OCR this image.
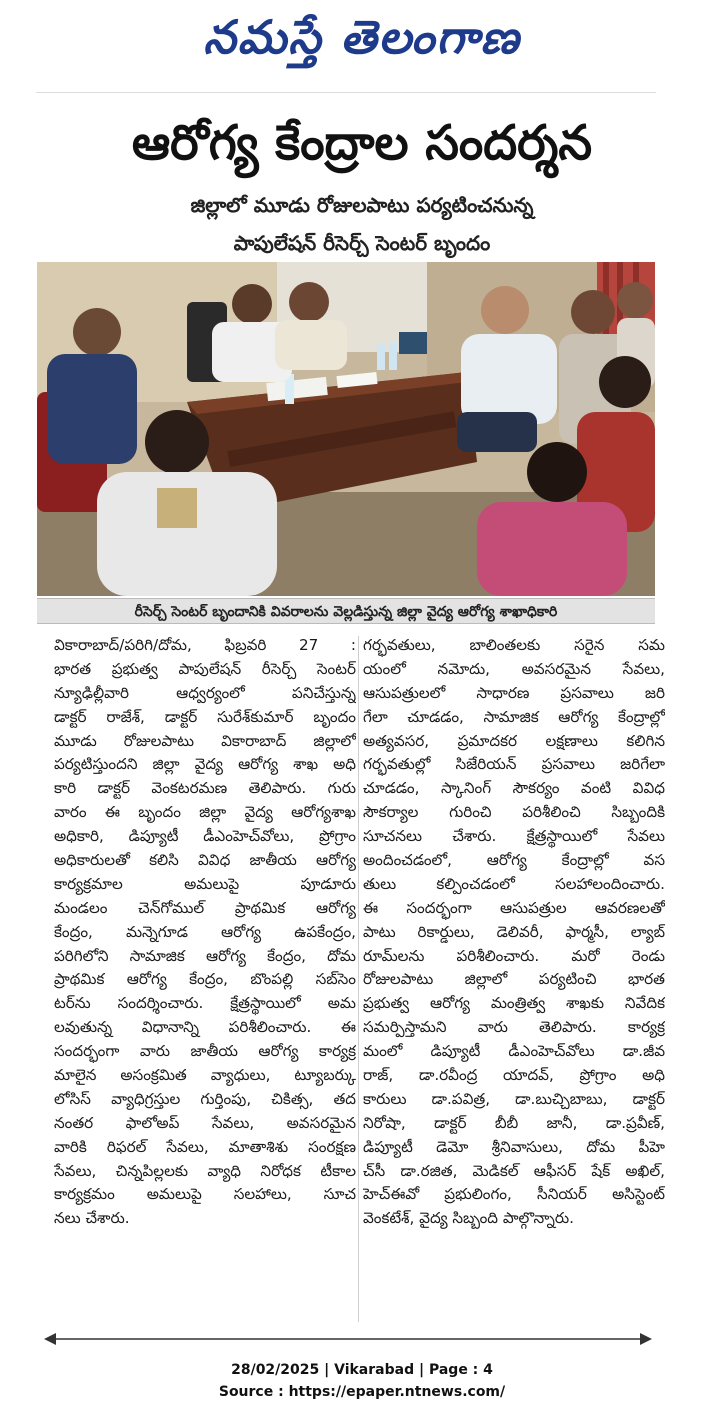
నమస్తే తెలంగాణ
ఆరోగ్య కేంద్రాల సందర్శన
జిల్లాలో మూడు రోజులపాటు పర్యటించనున్న
పాపులేషన్ రీసెర్చ్ సెంటర్ బృందం
రీసెర్చ్ సెంటర్ బృందానికి వివరాలను వెల్లడిస్తున్న జిల్లా వైద్య ఆరోగ్య శాఖాధికారి
వికారాబాద్/పరిగి/దోమ, ఫిబ్రవరి 27 :
భారత ప్రభుత్వ పాపులేషన్ రీసెర్చ్ సెంటర్
న్యూఢిల్లీవారి ఆధ్వర్యంలో పనిచేస్తున్న
డాక్టర్ రాజేశ్, డాక్టర్ సురేశ్‌కుమార్ బృందం
మూడు రోజులపాటు వికారాబాద్ జిల్లాలో
పర్యటిస్తుందని జిల్లా వైద్య ఆరోగ్య శాఖ అధి
కారి డాక్టర్ వెంకటరమణ తెలిపారు. గురు
వారం ఈ బృందం జిల్లా వైద్య ఆరోగ్యశాఖ
అధికారి, డిప్యూటీ డీఎంహెచ్‌వోలు, ప్రోగ్రాం
అధికారులతో కలిసి వివిధ జాతీయ ఆరోగ్య
కార్యక్రమాల అమలుపై పూడూరు
మండలం చెన్‌గోముల్ ప్రాథమిక ఆరోగ్య
కేంద్రం, మన్నెగూడ ఆరోగ్య ఉపకేంద్రం,
పరిగిలోని సామాజిక ఆరోగ్య కేంద్రం, దోమ
ప్రాథమిక ఆరోగ్య కేంద్రం, బొంపల్లి సబ్‌సెం
టర్‌ను సందర్శించారు. క్షేత్రస్థాయిలో అమ
లవుతున్న విధానాన్ని పరిశీలించారు. ఈ
సందర్భంగా వారు జాతీయ ఆరోగ్య కార్యక్ర
మాలైన అసంక్రమిత వ్యాధులు, ట్యూబర్కు
లోసిస్ వ్యాధిగ్రస్తుల గుర్తింపు, చికిత్స, తద
నంతర ఫాలోఅప్ సేవలు, అవసరమైన
వారికి రిఫరల్ సేవలు, మాతాశిశు సంరక్షణ
సేవలు, చిన్నపిల్లలకు వ్యాధి నిరోధక టీకాల
కార్యక్రమం అమలుపై సలహాలు, సూచ
నలు చేశారు.
గర్భవతులు, బాలింతలకు సరైన సమ
యంలో నమోదు, అవసరమైన సేవలు,
ఆసుపత్రులలో సాధారణ ప్రసవాలు జరి
గేలా చూడడం, సామాజిక ఆరోగ్య కేంద్రాల్లో
అత్యవసర, ప్రమాదకర లక్షణాలు కలిగిన
గర్భవతుల్లో సిజేరియన్ ప్రసవాలు జరిగేలా
చూడడం, స్కానింగ్ సౌకర్యం వంటి వివిధ
సౌకర్యాల గురించి పరిశీలించి సిబ్బందికి
సూచనలు చేశారు. క్షేత్రస్థాయిలో సేవలు
అందించడంలో, ఆరోగ్య కేంద్రాల్లో వస
తులు కల్పించడంలో సలహాలందించారు.
ఈ సందర్భంగా ఆసుపత్రుల ఆవరణలతో
పాటు రికార్డులు, డెలివరీ, ఫార్మసీ, ల్యాబ్
రూమ్‌లను పరిశీలించారు. మరో రెండు
రోజులపాటు జిల్లాలో పర్యటించి భారత
ప్రభుత్వ ఆరోగ్య మంత్రిత్వ శాఖకు నివేదిక
సమర్పిస్తామని వారు తెలిపారు. కార్యక్ర
మంలో డిప్యూటీ డీఎంహెచ్‌వోలు డా.జీవ
రాజ్, డా.రవీంద్ర యాదవ్, ప్రోగ్రాం అధి
కారులు డా.పవిత్ర, డా.బుచ్చిబాబు, డాక్టర్
నిరోషా, డాక్టర్ బీబీ జానీ, డా.ప్రవీణ్,
డిప్యూటీ డెమో శ్రీనివాసులు, దోమ పీహె
చ్‌సీ డా.రజిత, మెడికల్ ఆఫీసర్ షేక్ అఖిల్,
హెచ్‌ఈవో ప్రభులింగం, సీనియర్ అసిస్టెంట్
వెంకటేశ్, వైద్య సిబ్బంది పాల్గొన్నారు.
28/02/2025 | Vikarabad | Page : 4
Source : https://epaper.ntnews.com/
